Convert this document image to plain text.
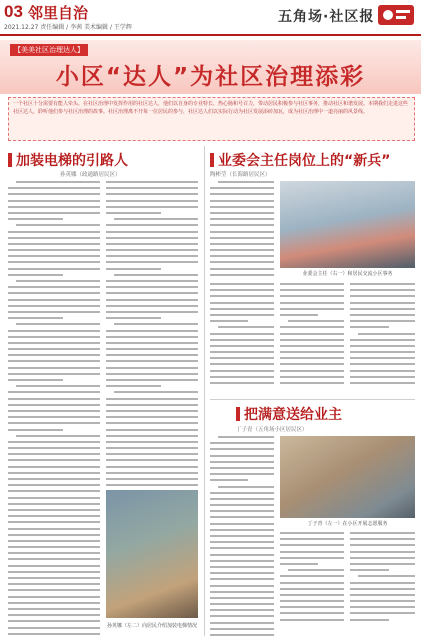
03 邻里自治
2021.12.27 责任编辑 / 李茜 美术编辑 / 王学辉
五角场·社区报
【美美社区治理达人】
小区“达人”为社区治理添彩

一个社区十分需要有能人牵头、在社区治理中发挥作用的社区达人，他们以自身的专业特长、热心肠和号召力，带动居民积极参与社区事务，推动社区和谐发展。本期我们走进这些社区达人，聆听他们参与社区治理的故事。社区治理离不开每一位居民的参与，社区达人们以实际行动为社区发展添砖加瓦，成为社区治理中一道亮丽的风景线。

加装电梯的引路人
孙英娜（政通路居民区）
孙英娜（左二）向居民介绍加装电梯情况
业委会主任岗位上的“新兵”
陶彬莹（长海路居民区）
业委会主任（右一）和居民交流小区事务
把满意送给业主
丁子青（五角场小区居民区）
丁子青（左一）在小区开展志愿服务
